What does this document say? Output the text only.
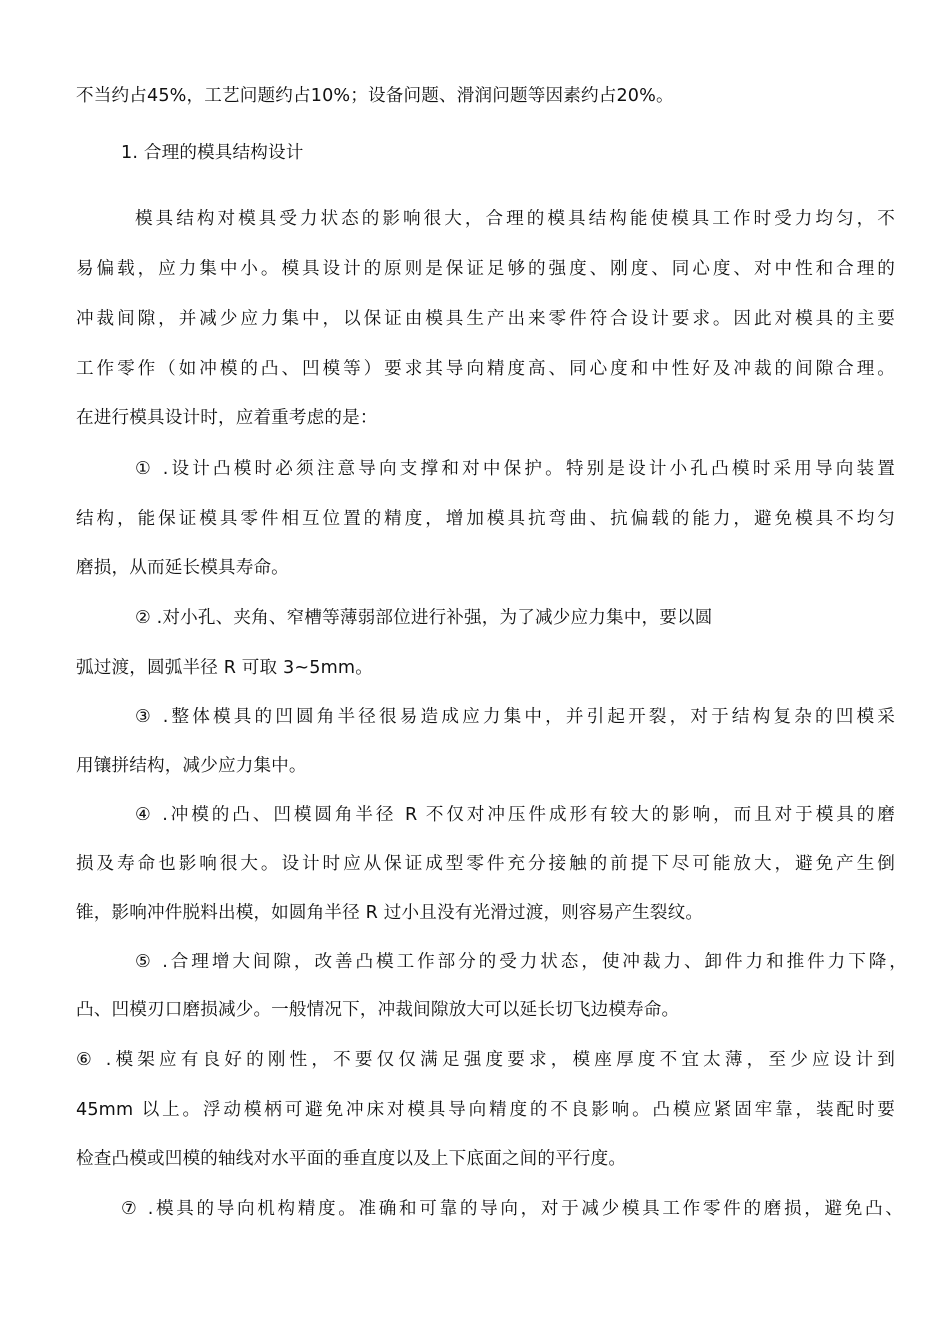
不当约占45%，工艺问题约占10%；设备问题、滑润问题等因素约占20%。
1. 合理的模具结构设计
模具结构对模具受力状态的影响很大，合理的模具结构能使模具工作时受力均匀，不
易偏载，应力集中小。模具设计的原则是保证足够的强度、刚度、同心度、对中性和合理的
冲裁间隙，并减少应力集中，以保证由模具生产出来零件符合设计要求。因此对模具的主要
工作零作（如冲模的凸、凹模等）要求其导向精度高、同心度和中性好及冲裁的间隙合理。
在进行模具设计时，应着重考虑的是：
① .设计凸模时必须注意导向支撑和对中保护。特别是设计小孔凸模时采用导向装置
结构，能保证模具零件相互位置的精度，增加模具抗弯曲、抗偏载的能力，避免模具不均匀
磨损，从而延长模具寿命。
② .对小孔、夹角、窄槽等薄弱部位进行补强，为了减少应力集中，要以圆
弧过渡，圆弧半径 R 可取 3~5mm。
③ .整体模具的凹圆角半径很易造成应力集中，并引起开裂，对于结构复杂的凹模采
用镶拼结构，减少应力集中。
④ .冲模的凸、凹模圆角半径 R 不仅对冲压件成形有较大的影响，而且对于模具的磨
损及寿命也影响很大。设计时应从保证成型零件充分接触的前提下尽可能放大，避免产生倒
锥，影响冲件脱料出模，如圆角半径 R 过小且没有光滑过渡，则容易产生裂纹。
⑤ .合理增大间隙，改善凸模工作部分的受力状态，使冲裁力、卸件力和推件力下降，
凸、凹模刃口磨损减少。一般情况下，冲裁间隙放大可以延长切飞边模寿命。
⑥ .模架应有良好的刚性，不要仅仅满足强度要求，模座厚度不宜太薄，至少应设计到
45mm 以上。浮动模柄可避免冲床对模具导向精度的不良影响。凸模应紧固牢靠，装配时要
检查凸模或凹模的轴线对水平面的垂直度以及上下底面之间的平行度。
⑦ .模具的导向机构精度。准确和可靠的导向，对于减少模具工作零件的磨损，避免凸、
